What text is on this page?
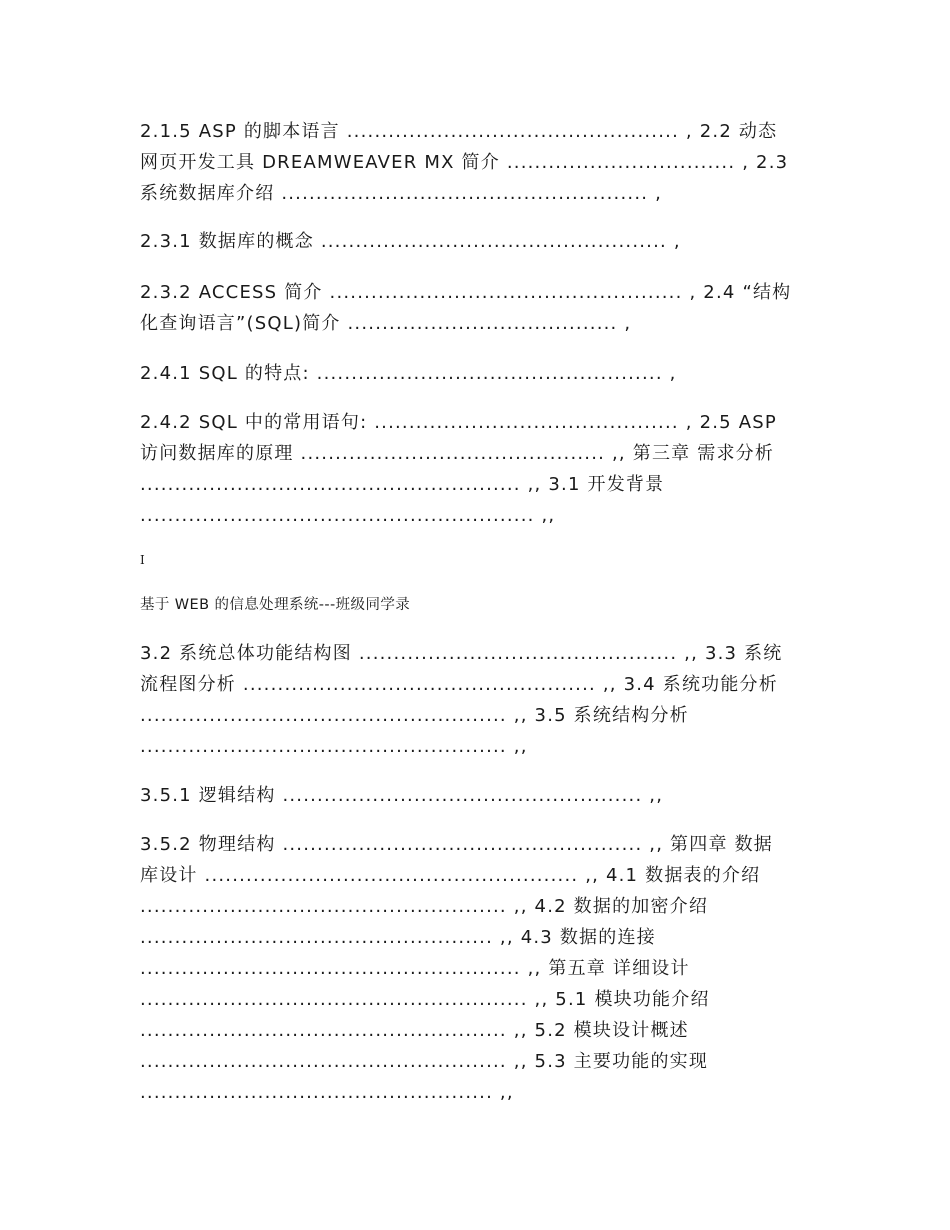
2.1.5 ASP 的脚本语言 ................................................ , 2.2 动态
网页开发工具 DREAMWEAVER MX 简介 ................................. , 2.3
系统数据库介绍 ..................................................... ,
2.3.1 数据库的概念 .................................................. ,
2.3.2 ACCESS 简介 ................................................... , 2.4 “结构
化查询语言”(SQL)简介 ....................................... ,
2.4.1 SQL 的特点: .................................................. ,
2.4.2 SQL 中的常用语句: ............................................ , 2.5 ASP
访问数据库的原理 ............................................ ,, 第三章 需求分析
....................................................... ,, 3.1 开发背景
......................................................... ,,
I
基于 WEB 的信息处理系统---班级同学录
3.2 系统总体功能结构图 .............................................. ,, 3.3 系统
流程图分析 ................................................... ,, 3.4 系统功能分析
..................................................... ,, 3.5 系统结构分析
..................................................... ,,
3.5.1 逻辑结构 .................................................... ,,
3.5.2 物理结构 .................................................... ,, 第四章 数据
库设计 ...................................................... ,, 4.1 数据表的介绍
..................................................... ,, 4.2 数据的加密介绍
................................................... ,, 4.3 数据的连接
....................................................... ,, 第五章 详细设计
........................................................ ,, 5.1 模块功能介绍
..................................................... ,, 5.2 模块设计概述
..................................................... ,, 5.3 主要功能的实现
................................................... ,,
